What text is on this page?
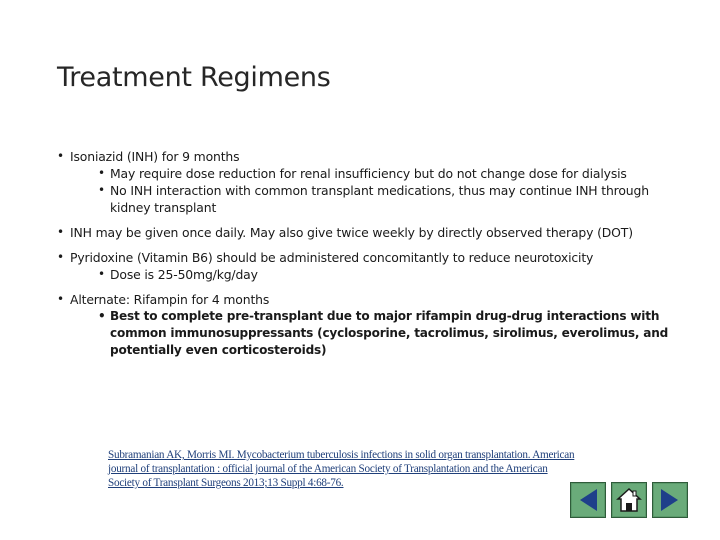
Treatment Regimens
• Isoniazid (INH) for 9 months
• May require dose reduction for renal insufficiency but do not change dose for dialysis
• No INH interaction with common transplant medications, thus may continue INH through kidney transplant
• INH may be given once daily. May also give twice weekly by directly observed therapy (DOT)
• Pyridoxine (Vitamin B6) should be administered concomitantly to reduce neurotoxicity
• Dose is 25-50mg/kg/day
• Alternate: Rifampin for 4 months
• Best to complete pre-transplant due to major rifampin drug-drug interactions with common immunosuppressants (cyclosporine, tacrolimus, sirolimus, everolimus, and potentially even corticosteroids)
Subramanian AK, Morris MI. Mycobacterium tuberculosis infections in solid organ transplantation. American journal of transplantation : official journal of the American Society of Transplantation and the American Society of Transplant Surgeons 2013;13 Suppl 4:68-76.
